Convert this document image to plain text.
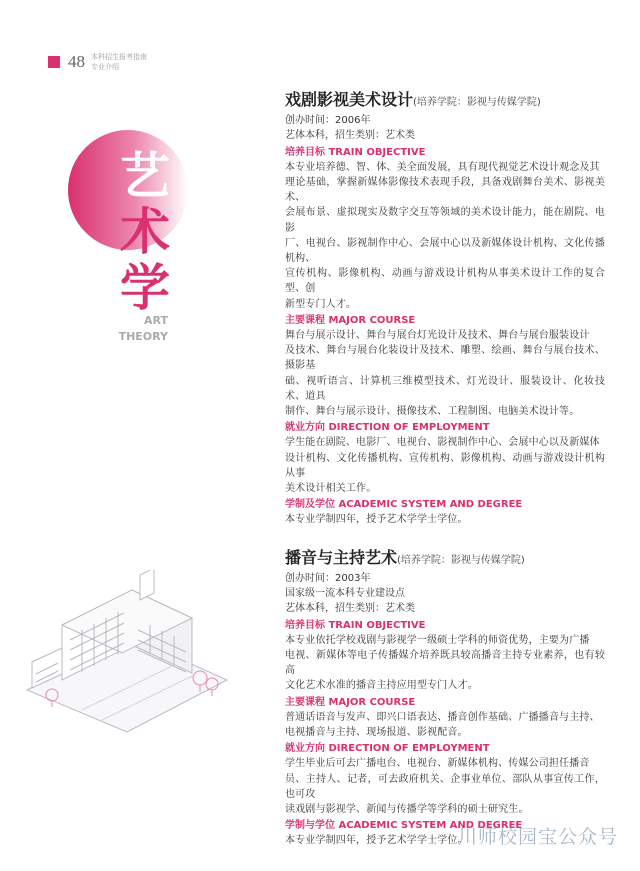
48 本科招生报考指南
专业介绍
艺
术
学
ART
THEORY
戏剧影视美术设计(培养学院：影视与传媒学院)
创办时间：2006年
艺体本科，招生类别：艺术类
培养目标 TRAIN OBJECTIVE
本专业培养德、智、体、美全面发展，具有现代视觉艺术设计观念及其
理论基础，掌握新媒体影像技术表现手段，具备戏剧舞台美术、影视美术、
会展布景、虚拟现实及数字交互等领域的美术设计能力，能在剧院、电影
厂、电视台、影视制作中心、会展中心以及新媒体设计机构、文化传播机构、
宣传机构、影像机构、动画与游戏设计机构从事美术设计工作的复合型、创
新型专门人才。
主要课程 MAJOR COURSE
舞台与展示设计、舞台与展台灯光设计及技术、舞台与展台服装设计
及技术、舞台与展台化装设计及技术、雕塑、绘画、舞台与展台技术、摄影基
础、视听语言、计算机三维模型技术、灯光设计、服装设计、化妆技术、道具
制作、舞台与展示设计、摄像技术、工程制图、电脑美术设计等。
就业方向 DIRECTION OF EMPLOYMENT
学生能在剧院、电影厂、电视台、影视制作中心、会展中心以及新媒体
设计机构、文化传播机构、宣传机构、影像机构、动画与游戏设计机构从事
美术设计相关工作。
学制及学位 ACADEMIC SYSTEM AND DEGREE
本专业学制四年，授予艺术学学士学位。
播音与主持艺术(培养学院：影视与传媒学院)
创办时间：2003年
国家级一流本科专业建设点
艺体本科，招生类别：艺术类
培养目标 TRAIN OBJECTIVE
本专业依托学校戏剧与影视学一级硕士学科的师资优势，主要为广播
电视、新媒体等电子传播媒介培养既具较高播音主持专业素养，也有较高
文化艺术水准的播音主持应用型专门人才。
主要课程 MAJOR COURSE
普通话语音与发声、即兴口语表达、播音创作基础、广播播音与主持、
电视播音与主持、现场报道、影视配音。
就业方向 DIRECTION OF EMPLOYMENT
学生毕业后可去广播电台、电视台、新媒体机构、传媒公司担任播音
员、主持人、记者，可去政府机关、企事业单位、部队从事宣传工作，也可攻
读戏剧与影视学、新闻与传播学等学科的硕士研究生。
学制与学位 ACADEMIC SYSTEM AND DEGREE
本专业学制四年，授予艺术学学士学位。
川师校园宝公众号
